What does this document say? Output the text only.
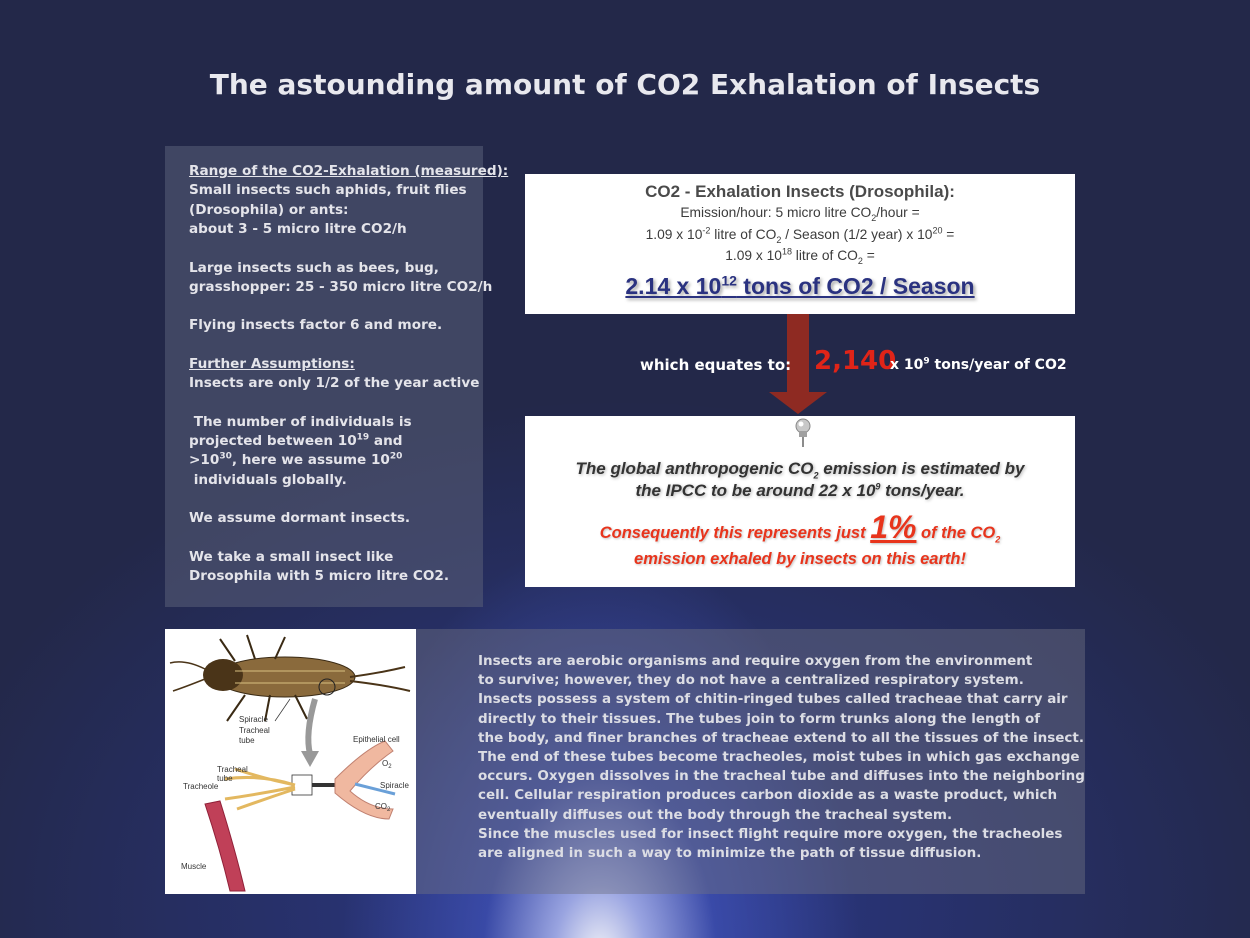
The astounding amount of CO2 Exhalation of Insects

Range of the CO2-Exhalation (measured):
Small insects such aphids, fruit flies
(Drosophila) or ants:
about 3 - 5 micro litre CO2/h

Large insects such as bees, bug,
grasshopper: 25 - 350 micro litre CO2/h

Flying insects factor 6 and more.

Further Assumptions:
Insects are only 1/2 of the year active

The number of individuals is
projected between $10^{19}$ and
$>10^{30}$, here we assume $10^{20}$
individuals globally.

We assume dormant insects.

We take a small insect like
Drosophila with 5 micro litre CO2.

CO2 - Exhalation Insects (Drosophila):
Emission/hour: 5 micro litre $CO_2$/hour =
1.09 x $10^{-2}$ litre of $CO_2$ / Season (1/2 year) x $10^{20}$ =
1.09 x $10^{18}$ litre of $CO_2$ =
2.14 x $10^{12}$ tons of CO2 / Season
which equates to: 2,140
x $10^9$ tons/year of CO2
The global anthropogenic $CO_2$ emission is estimated by
the IPCC to be around 22 x $10^9$ tons/year.
Consequently this represents just 1% of the $CO_2$
emission exhaled by insects on this earth!
Spiracle
Tracheal
tube	Epithelial cell
$O_2$
Spiracle
$CO_2$
Tracheal
tube
Tracheole
Muscle
Insects are aerobic organisms and require oxygen from the environment
to survive; however, they do not have a centralized respiratory system.
Insects possess a system of chitin-ringed tubes called tracheae that carry air
directly to their tissues. The tubes join to form trunks along the length of
the body, and finer branches of tracheae extend to all the tissues of the insect.
The end of these tubes become tracheoles, moist tubes in which gas exchange
occurs. Oxygen dissolves in the tracheal tube and diffuses into the neighboring
cell. Cellular respiration produces carbon dioxide as a waste product, which
eventually diffuses out the body through the tracheal system.
Since the muscles used for insect flight require more oxygen, the tracheoles
are aligned in such a way to minimize the path of tissue diffusion.
